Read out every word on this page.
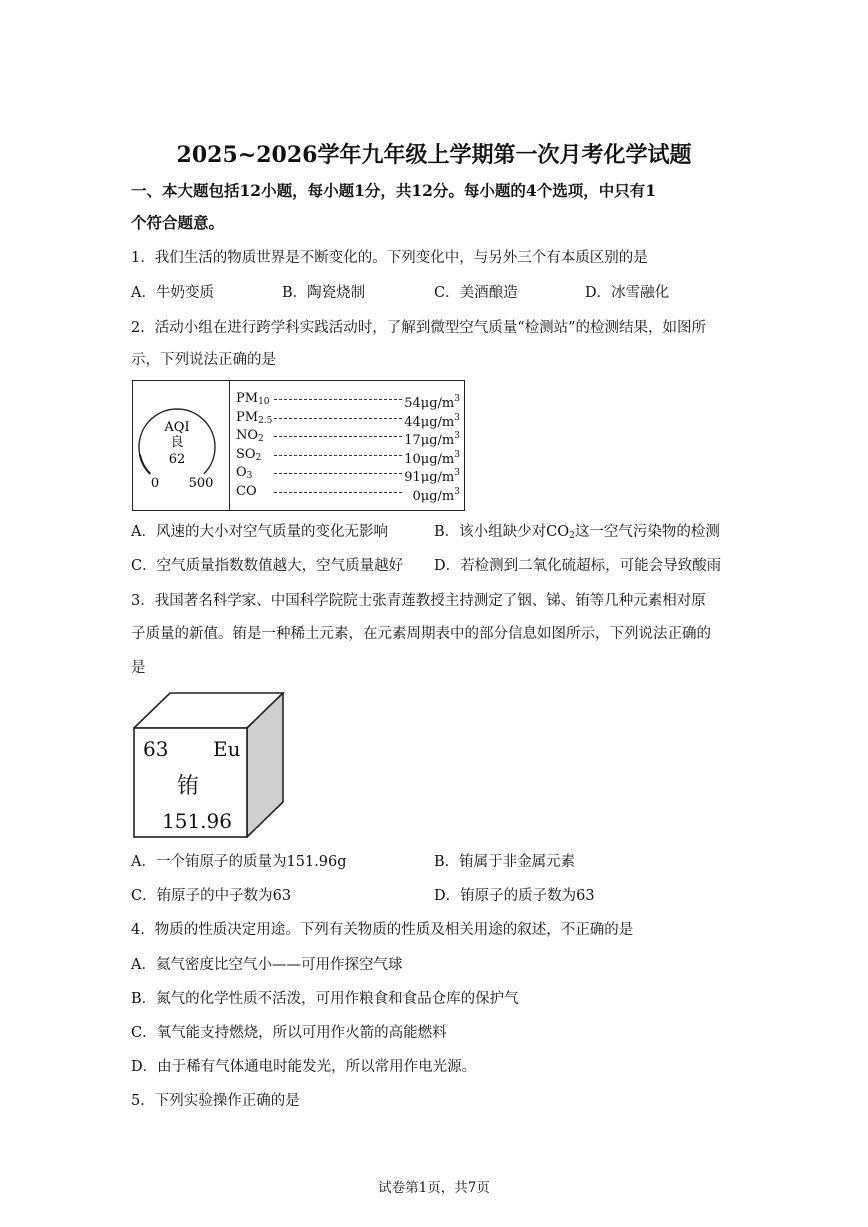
2025~2026学年九年级上学期第一次月考化学试题
一、本大题包括12小题，每小题1分，共12分。每小题的4个选项，中只有1
个符合题意。
1．我们生活的物质世界是不断变化的。下列变化中，与另外三个有本质区别的是
A．牛奶变质	B．陶瓷烧制	C．美酒酿造	D．冰雪融化
2．活动小组在进行跨学科实践活动时，了解到微型空气质量“检测站”的检测结果，如图所
示，下列说法正确的是
AQI
良
62
0 500
$PM_{10}$	$54\mu g/m^3$
$PM_{2.5}$	$44\mu g/m^3$
$NO_2$	$17\mu g/m^3$
$SO_2$	$10\mu g/m^3$
$O_3$	$91\mu g/m^3$
CO	$0\mu g/m^3$
A．风速的大小对空气质量的变化无影响	B．该小组缺少对$CO_2$这一空气污染物的检测
C．空气质量指数数值越大，空气质量越好 D．若检测到二氧化硫超标，可能会导致酸雨
3．我国著名科学家、中国科学院院士张青莲教授主持测定了铟、锑、铕等几种元素相对原
子质量的新值。铕是一种稀土元素，在元素周期表中的部分信息如图所示，下列说法正确的
是
63 Eu
铕
151.96
A．一个铕原子的质量为151.96g	B．铕属于非金属元素
C．铕原子的中子数为63	D．铕原子的质子数为63
4．物质的性质决定用途。下列有关物质的性质及相关用途的叙述，不正确的是
A．氦气密度比空气小——可用作探空气球
B．氮气的化学性质不活泼，可用作粮食和食品仓库的保护气
C．氧气能支持燃烧，所以可用作火箭的高能燃料
D．由于稀有气体通电时能发光，所以常用作电光源。
5．下列实验操作正确的是
试卷第1页，共7页
